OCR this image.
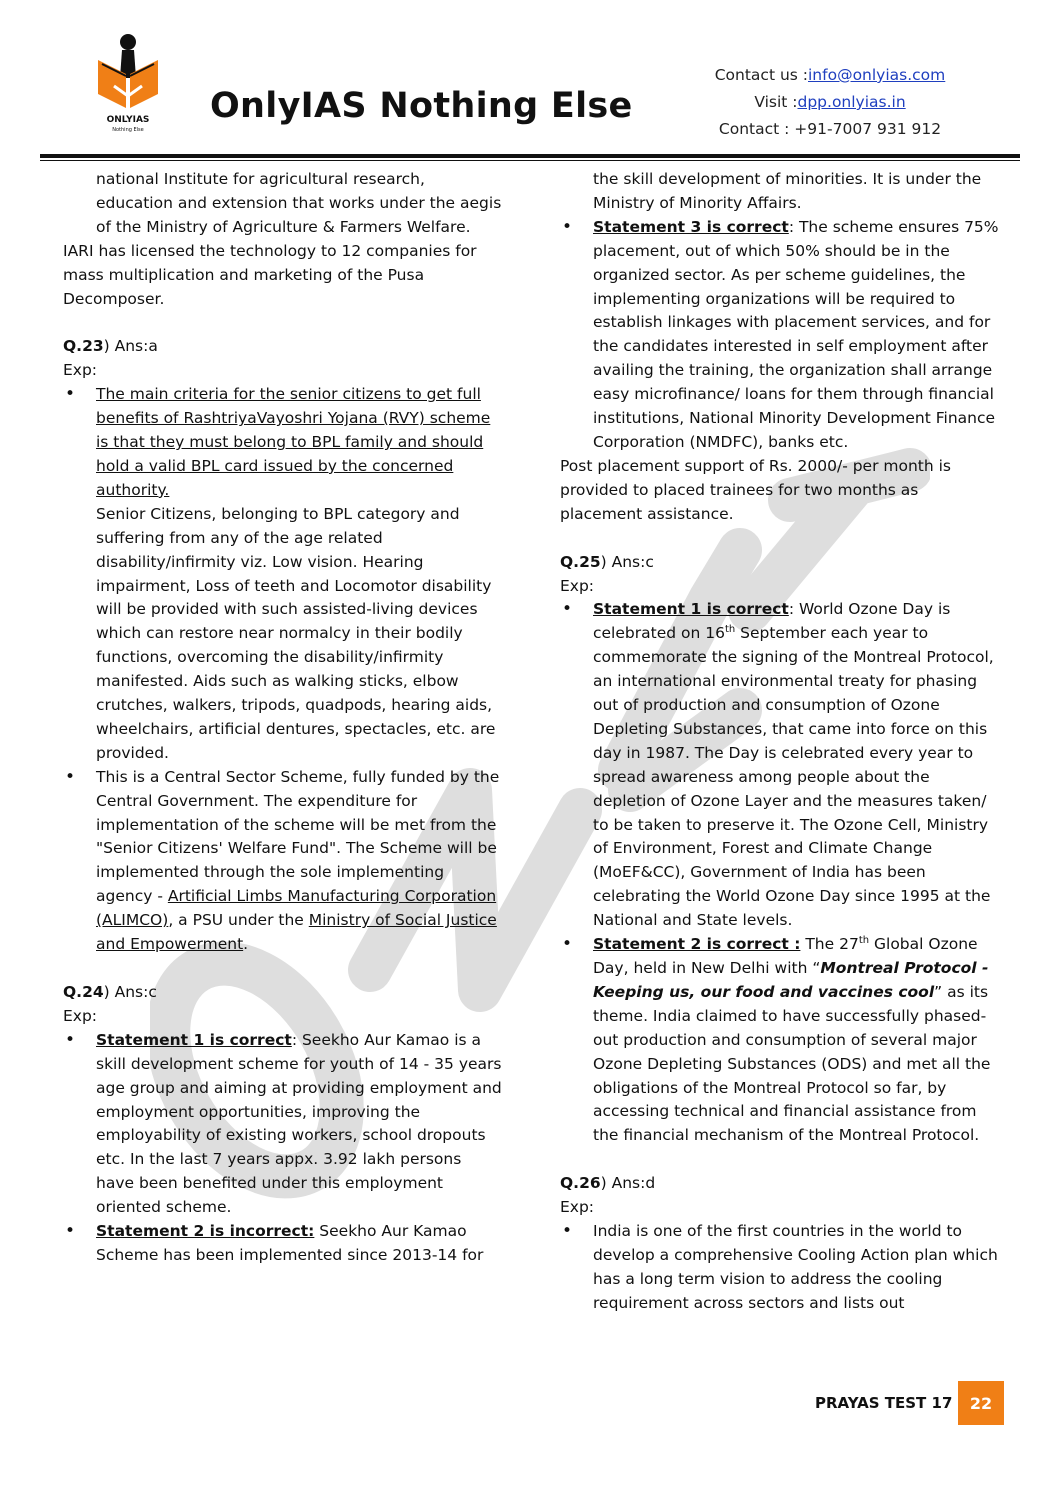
ONLYIAS
Nothing Else
OnlyIAS Nothing Else
Contact us :info@onlyias.com
Visit :dpp.onlyias.in
Contact : +91-7007 931 912

national Institute for agricultural research, education and extension that works under the aegis of the Ministry of Agriculture & Farmers Welfare.

IARI has licensed the technology to 12 companies for mass multiplication and marketing of the Pusa Decomposer.

Q.23) Ans:a

Exp:

• The main criteria for the senior citizens to get full benefits of RashtriyaVayoshri Yojana (RVY) scheme is that they must belong to BPL family and should hold a valid BPL card issued by the concerned authority.
Senior Citizens, belonging to BPL category and suffering from any of the age related disability/infirmity viz. Low vision. Hearing impairment, Loss of teeth and Locomotor disability will be provided with such assisted-living devices which can restore near normalcy in their bodily functions, overcoming the disability/infirmity manifested. Aids such as walking sticks, elbow crutches, walkers, tripods, quadpods, hearing aids, wheelchairs, artificial dentures, spectacles, etc. are provided.
• This is a Central Sector Scheme, fully funded by the Central Government. The expenditure for implementation of the scheme will be met from the "Senior Citizens' Welfare Fund". The Scheme will be implemented through the sole implementing agency - Artificial Limbs Manufacturing Corporation (ALIMCO), a PSU under the Ministry of Social Justice and Empowerment.

Q.24) Ans:c

Exp:

• Statement 1 is correct: Seekho Aur Kamao is a skill development scheme for youth of 14 - 35 years age group and aiming at providing employment and employment opportunities, improving the employability of existing workers, school dropouts etc. In the last 7 years appx. 3.92 lakh persons have been benefited under this employment oriented scheme.
• Statement 2 is incorrect: Seekho Aur Kamao Scheme has been implemented since 2013-14 for

the skill development of minorities. It is under the Ministry of Minority Affairs.

• Statement 3 is correct: The scheme ensures 75% placement, out of which 50% should be in the organized sector. As per scheme guidelines, the implementing organizations will be required to establish linkages with placement services, and for the candidates interested in self employment after availing the training, the organization shall arrange easy microfinance/ loans for them through financial institutions, National Minority Development Finance Corporation (NMDFC), banks etc.

Post placement support of Rs. 2000/- per month is provided to placed trainees for two months as placement assistance.

Q.25) Ans:c

Exp:

• Statement 1 is correct: World Ozone Day is celebrated on 16th September each year to commemorate the signing of the Montreal Protocol, an international environmental treaty for phasing out of production and consumption of Ozone Depleting Substances, that came into force on this day in 1987. The Day is celebrated every year to spread awareness among people about the depletion of Ozone Layer and the measures taken/ to be taken to preserve it. The Ozone Cell, Ministry of Environment, Forest and Climate Change (MoEF&CC), Government of India has been celebrating the World Ozone Day since 1995 at the National and State levels.
• Statement 2 is correct : The 27th Global Ozone Day, held in New Delhi with “Montreal Protocol - Keeping us, our food and vaccines cool” as its theme. India claimed to have successfully phased-out production and consumption of several major Ozone Depleting Substances (ODS) and met all the obligations of the Montreal Protocol so far, by accessing technical and financial assistance from the financial mechanism of the Montreal Protocol.

Q.26) Ans:d

Exp:

• India is one of the first countries in the world to develop a comprehensive Cooling Action plan which has a long term vision to address the cooling requirement across sectors and lists out
PRAYAS TEST 17	22
